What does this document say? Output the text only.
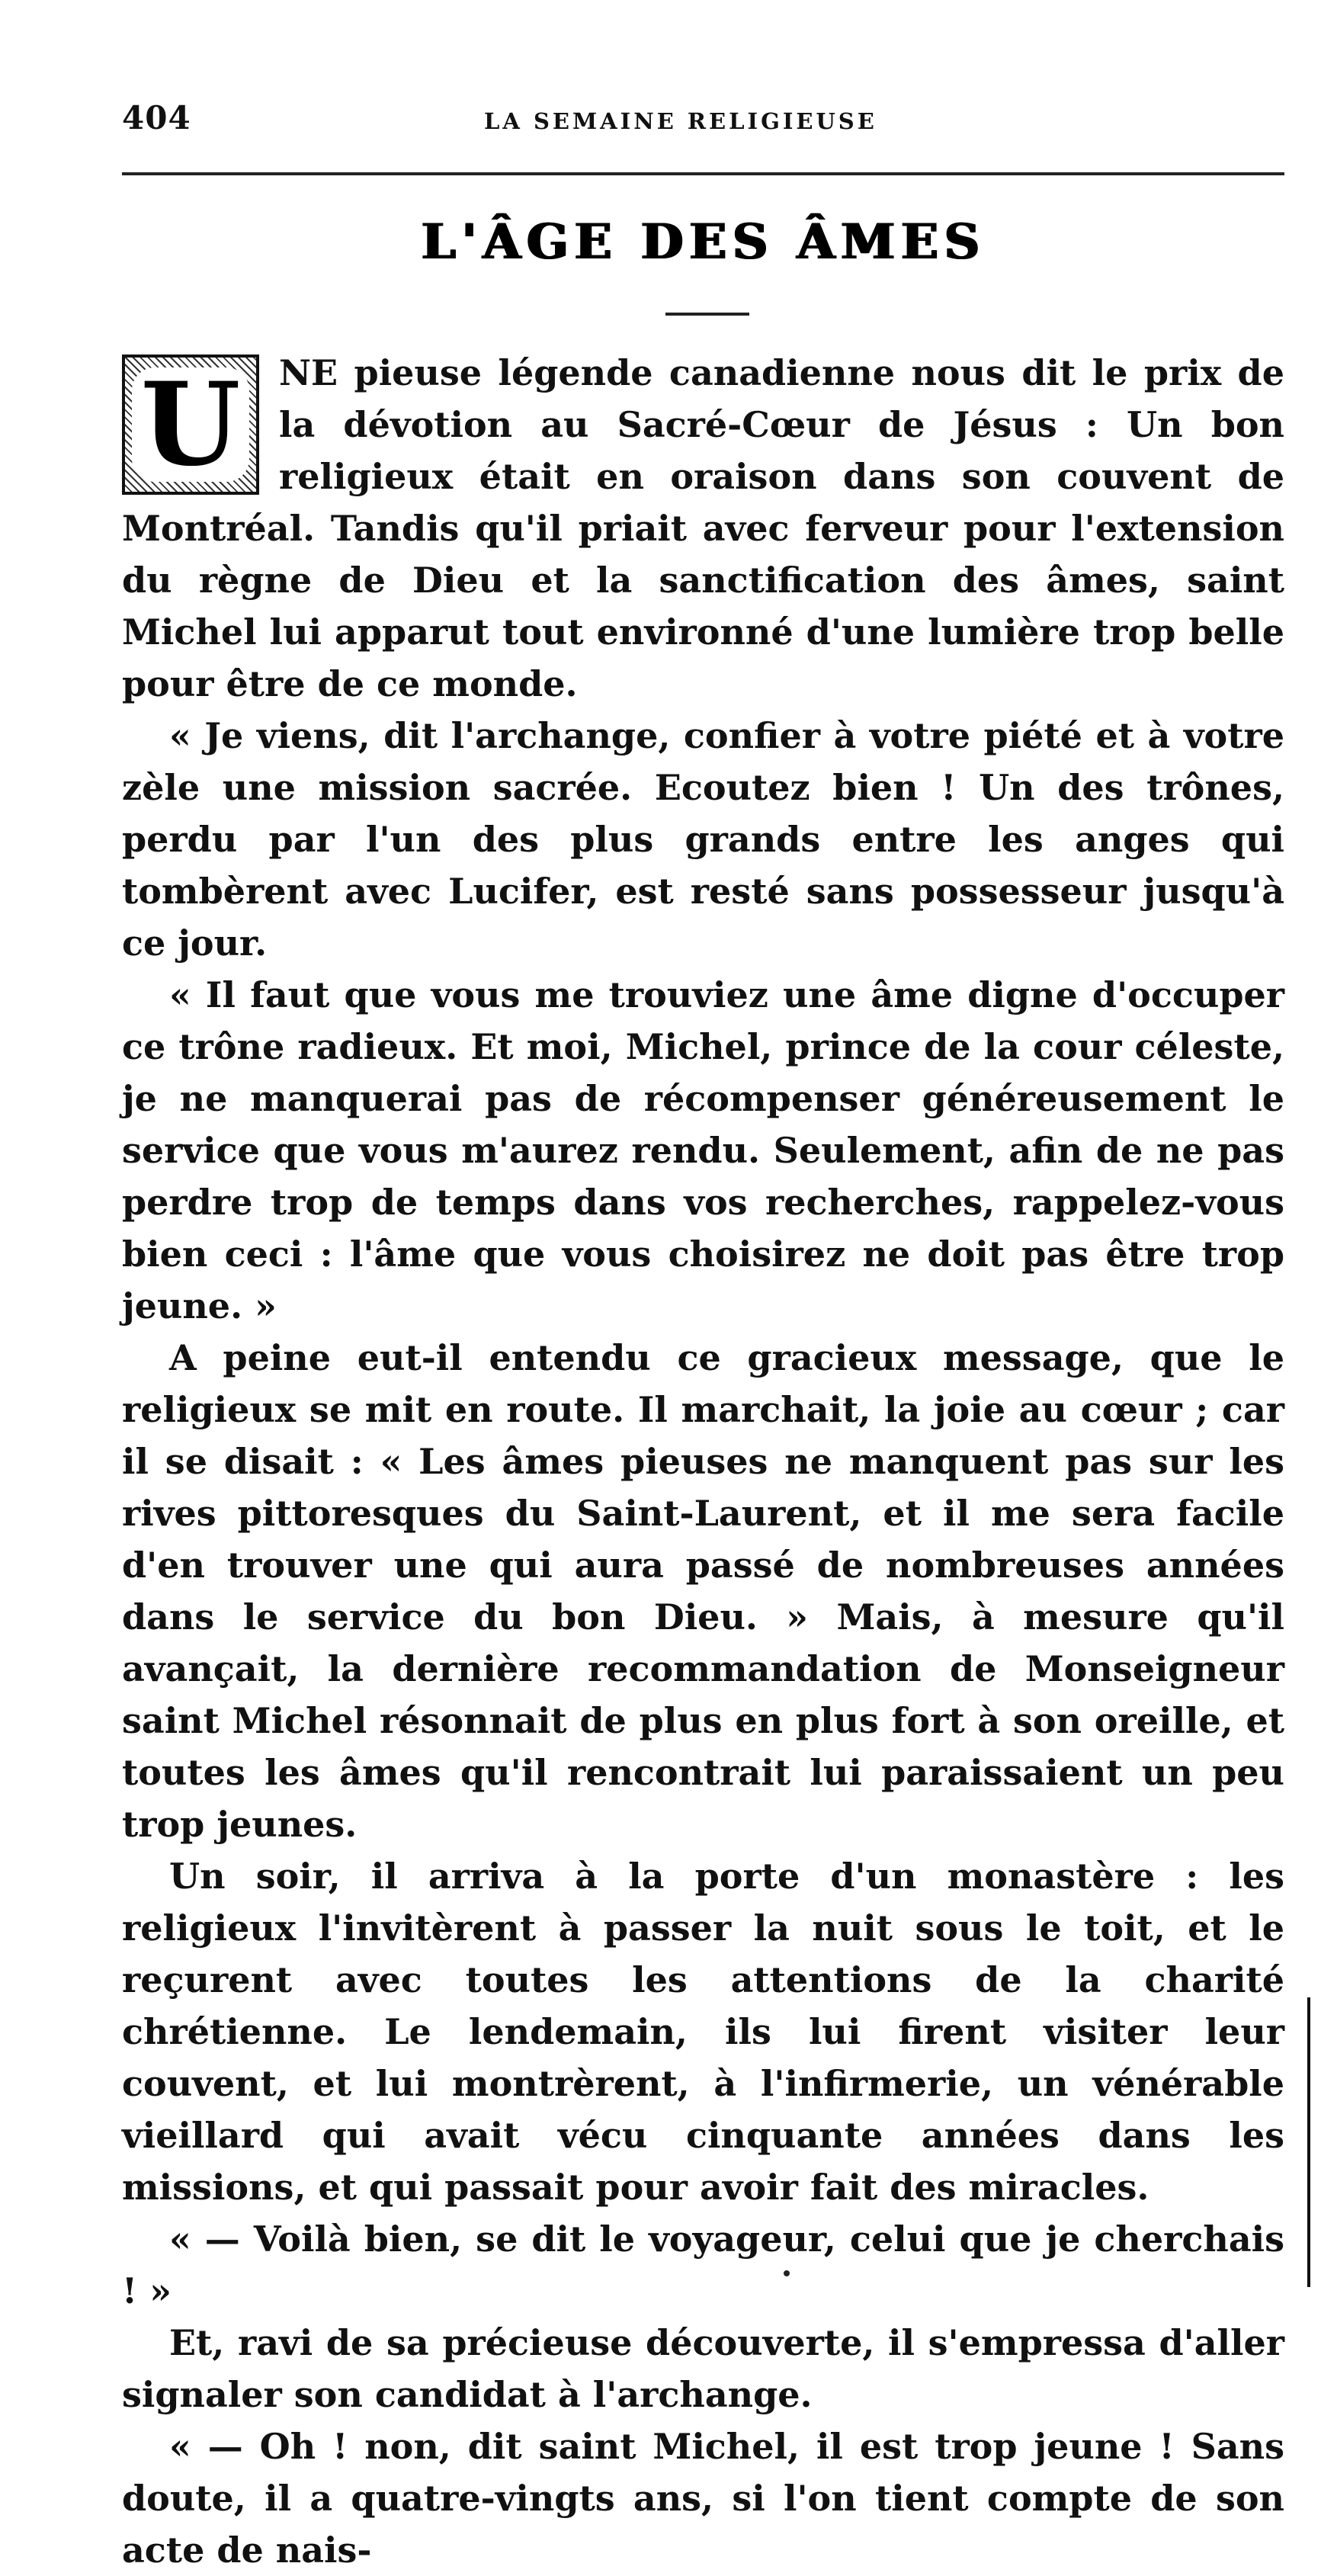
404	LA SEMAINE RELIGIEUSE
L'ÂGE DES ÂMES
U	NE pieuse légende canadienne nous dit le prix de la dévotion au Sacré-Cœur de Jésus : Un bon religieux était en oraison dans son couvent de Montréal. Tandis qu'il priait avec ferveur pour l'extension du règne de Dieu et la sanctification des âmes, saint Michel lui apparut tout environné d'une lumière trop belle pour être de ce monde.

« Je viens, dit l'archange, confier à votre piété et à votre zèle une mission sacrée. Ecoutez bien ! Un des trônes, perdu par l'un des plus grands entre les anges qui tombèrent avec Lucifer, est resté sans possesseur jusqu'à ce jour.

« Il faut que vous me trouviez une âme digne d'occuper ce trône radieux. Et moi, Michel, prince de la cour céleste, je ne manquerai pas de récompenser généreusement le service que vous m'aurez rendu. Seulement, afin de ne pas perdre trop de temps dans vos recherches, rappelez-vous bien ceci : l'âme que vous choisirez ne doit pas être trop jeune. »

A peine eut-il entendu ce gracieux message, que le religieux se mit en route. Il marchait, la joie au cœur ; car il se disait : « Les âmes pieuses ne manquent pas sur les rives pittoresques du Saint-Laurent, et il me sera facile d'en trouver une qui aura passé de nombreuses années dans le service du bon Dieu. » Mais, à mesure qu'il avançait, la dernière recommandation de Monseigneur saint Michel résonnait de plus en plus fort à son oreille, et toutes les âmes qu'il rencontrait lui paraissaient un peu trop jeunes.

Un soir, il arriva à la porte d'un monastère : les religieux l'invitèrent à passer la nuit sous le toit, et le reçurent avec toutes les attentions de la charité chrétienne. Le lendemain, ils lui firent visiter leur couvent, et lui montrèrent, à l'infirmerie, un vénérable vieillard qui avait vécu cinquante années dans les missions, et qui passait pour avoir fait des miracles.

« — Voilà bien, se dit le voyageur, celui que je cherchais ! »

Et, ravi de sa précieuse découverte, il s'empressa d'aller signaler son candidat à l'archange.

« — Oh ! non, dit saint Michel, il est trop jeune ! Sans doute, il a quatre-vingts ans, si l'on tient compte de son acte de nais-
